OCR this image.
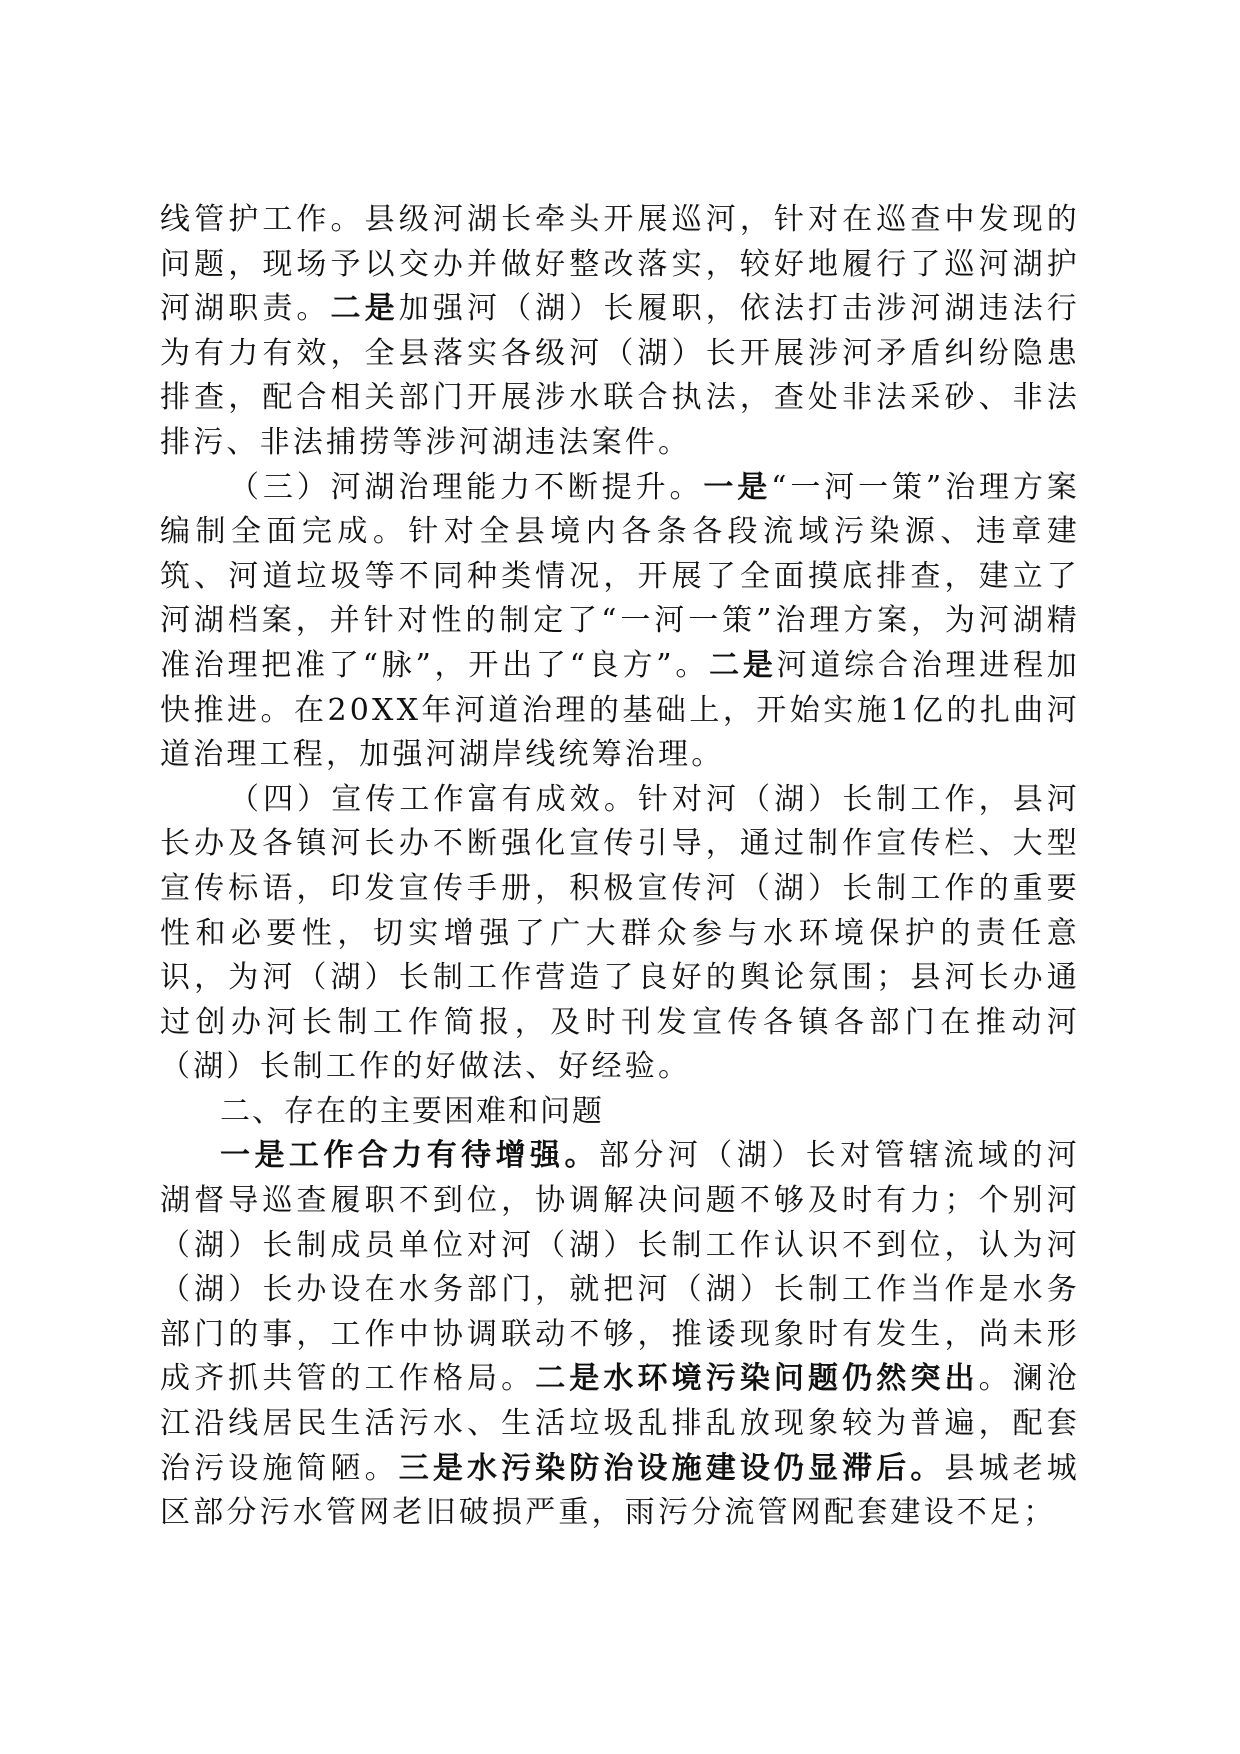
线管护工作。县级河湖长牵头开展巡河，针对在巡查中发现的问题，现场予以交办并做好整改落实，较好地履行了巡河湖护河湖职责。二是加强河（湖）长履职，依法打击涉河湖违法行为有力有效，全县落实各级河（湖）长开展涉河矛盾纠纷隐患排查，配合相关部门开展涉水联合执法，查处非法采砂、非法排污、非法捕捞等涉河湖违法案件。

（三）河湖治理能力不断提升。一是“一河一策”治理方案编制全面完成。针对全县境内各条各段流域污染源、违章建筑、河道垃圾等不同种类情况，开展了全面摸底排查，建立了河湖档案，并针对性的制定了“一河一策”治理方案，为河湖精准治理把准了“脉”，开出了“良方”。二是河道综合治理进程加快推进。在20XX年河道治理的基础上，开始实施1亿的扎曲河道治理工程，加强河湖岸线统筹治理。

（四）宣传工作富有成效。针对河（湖）长制工作，县河长办及各镇河长办不断强化宣传引导，通过制作宣传栏、大型宣传标语，印发宣传手册，积极宣传河（湖）长制工作的重要性和必要性，切实增强了广大群众参与水环境保护的责任意识，为河（湖）长制工作营造了良好的舆论氛围；县河长办通过创办河长制工作简报，及时刊发宣传各镇各部门在推动河（湖）长制工作的好做法、好经验。

二、存在的主要困难和问题

一是工作合力有待增强。部分河（湖）长对管辖流域的河湖督导巡查履职不到位，协调解决问题不够及时有力；个别河（湖）长制成员单位对河（湖）长制工作认识不到位，认为河（湖）长办设在水务部门，就把河（湖）长制工作当作是水务部门的事，工作中协调联动不够，推诿现象时有发生，尚未形成齐抓共管的工作格局。二是水环境污染问题仍然突出。澜沧江沿线居民生活污水、生活垃圾乱排乱放现象较为普遍，配套治污设施简陋。三是水污染防治设施建设仍显滞后。县城老城区部分污水管网老旧破损严重，雨污分流管网配套建设不足；
